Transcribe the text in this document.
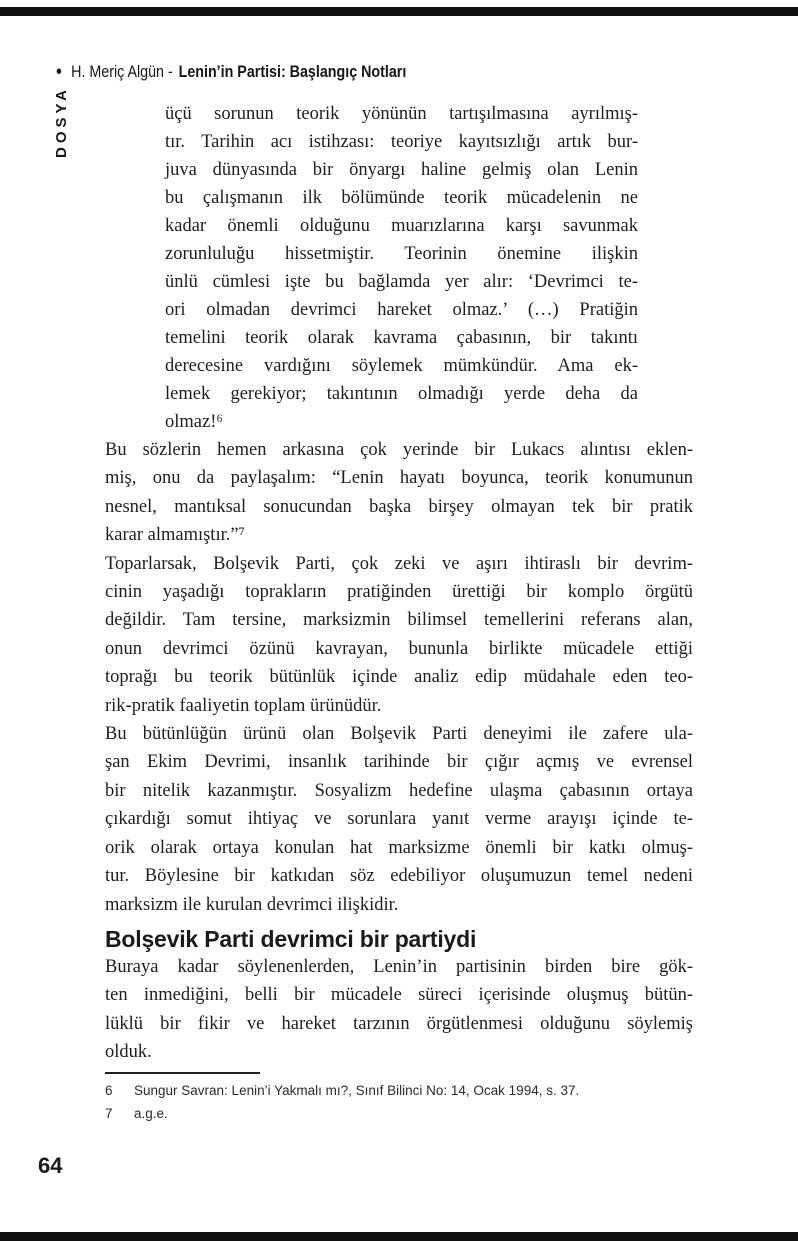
• H. Meriç Algün - Lenin’in Partisi: Başlangıç Notları
DOSYA	üçü sorunun teorik yönünün tartışılmasına ayrılmış-
tır. Tarihin acı istihzası: teoriye kayıtsızlığı artık bur-
juva dünyasında bir önyargı haline gelmiş olan Lenin
bu çalışmanın ilk bölümünde teorik mücadelenin ne
kadar önemli olduğunu muarızlarına karşı savunmak
zorunluluğu hissetmiştir. Teorinin önemine ilişkin
ünlü cümlesi işte bu bağlamda yer alır: ‘Devrimci te-
ori olmadan devrimci hareket olmaz.’ (…) Pratiğin
temelini teorik olarak kavrama çabasının, bir takıntı
derecesine vardığını söylemek mümkündür. Ama ek-
lemek gerekiyor; takıntının olmadığı yerde deha da
olmaz!⁶

Bu sözlerin hemen arkasına çok yerinde bir Lukacs alıntısı eklen-
miş, onu da paylaşalım: “Lenin hayatı boyunca, teorik konumunun
nesnel, mantıksal sonucundan başka birşey olmayan tek bir pratik
karar almamıştır.”⁷

Toparlarsak, Bolşevik Parti, çok zeki ve aşırı ihtiraslı bir devrim-
cinin yaşadığı toprakların pratiğinden ürettiği bir komplo örgütü
değildir. Tam tersine, marksizmin bilimsel temellerini referans alan,
onun devrimci özünü kavrayan, bununla birlikte mücadele ettiği
toprağı bu teorik bütünlük içinde analiz edip müdahale eden teo-
rik-pratik faaliyetin toplam ürünüdür.

Bu bütünlüğün ürünü olan Bolşevik Parti deneyimi ile zafere ula-
şan Ekim Devrimi, insanlık tarihinde bir çığır açmış ve evrensel
bir nitelik kazanmıştır. Sosyalizm hedefine ulaşma çabasının ortaya
çıkardığı somut ihtiyaç ve sorunlara yanıt verme arayışı içinde te-
orik olarak ortaya konulan hat marksizme önemli bir katkı olmuş-
tur. Böylesine bir katkıdan söz edebiliyor oluşumuzun temel nedeni
marksizm ile kurulan devrimci ilişkidir.

Bolşevik Parti devrimci bir partiydi

Buraya kadar söylenenlerden, Lenin’in partisinin birden bire gök-
ten inmediğini, belli bir mücadele süreci içerisinde oluşmuş bütün-
lüklü bir fikir ve hareket tarzının örgütlenmesi olduğunu söylemiş
olduk.

6	Sungur Savran: Lenin’i Yakmalı mı?, Sınıf Bilinci No: 14, Ocak 1994, s. 37.
7	a.g.e.
64
